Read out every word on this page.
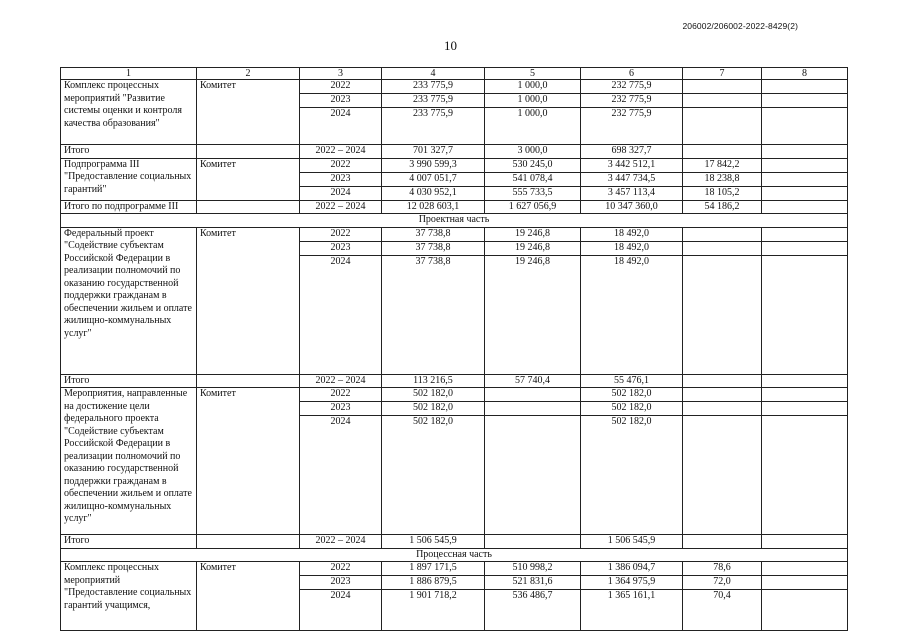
206002/206002-2022-8429(2)
10
1	2	3	4	5	6	7	8
Комплекс процессных мероприятий "Развитие системы оценки и контроля качества образования"	Комитет	2022	233 775,9	1 000,0	232 775,9		
		2023	233 775,9	1 000,0	232 775,9		
		2024	233 775,9	1 000,0	232 775,9		
Итого		2022 – 2024	701 327,7	3 000,0	698 327,7		
Подпрограмма III "Предоставление социальных гарантий"	Комитет	2022	3 990 599,3	530 245,0	3 442 512,1	17 842,2	
		2023	4 007 051,7	541 078,4	3 447 734,5	18 238,8	
		2024	4 030 952,1	555 733,5	3 457 113,4	18 105,2	
Итого по подпрограмме III		2022 – 2024	12 028 603,1	1 627 056,9	10 347 360,0	54 186,2	
Проектная часть							
Федеральный проект "Содействие субъектам Российской Федерации в реализации полномочий по оказанию государственной поддержки гражданам в обеспечении жильем и оплате жилищно-коммунальных услуг"	Комитет	2022	37 738,8	19 246,8	18 492,0		
		2023	37 738,8	19 246,8	18 492,0		
		2024	37 738,8	19 246,8	18 492,0		
Итого		2022 – 2024	113 216,5	57 740,4	55 476,1		
Мероприятия, направленные на достижение цели федерального проекта "Содействие субъектам Российской Федерации в реализации полномочий по оказанию государственной поддержки гражданам в обеспечении жильем и оплате жилищно-коммунальных услуг"	Комитет	2022	502 182,0		502 182,0		
		2023	502 182,0		502 182,0		
		2024	502 182,0		502 182,0		
Итого		2022 – 2024	1 506 545,9		1 506 545,9		
Процессная часть							
Комплекс процессных мероприятий "Предоставление социальных гарантий учащимся,	Комитет	2022	1 897 171,5	510 998,2	1 386 094,7	78,6	
		2023	1 886 879,5	521 831,6	1 364 975,9	72,0	
		2024	1 901 718,2	536 486,7	1 365 161,1	70,4	
